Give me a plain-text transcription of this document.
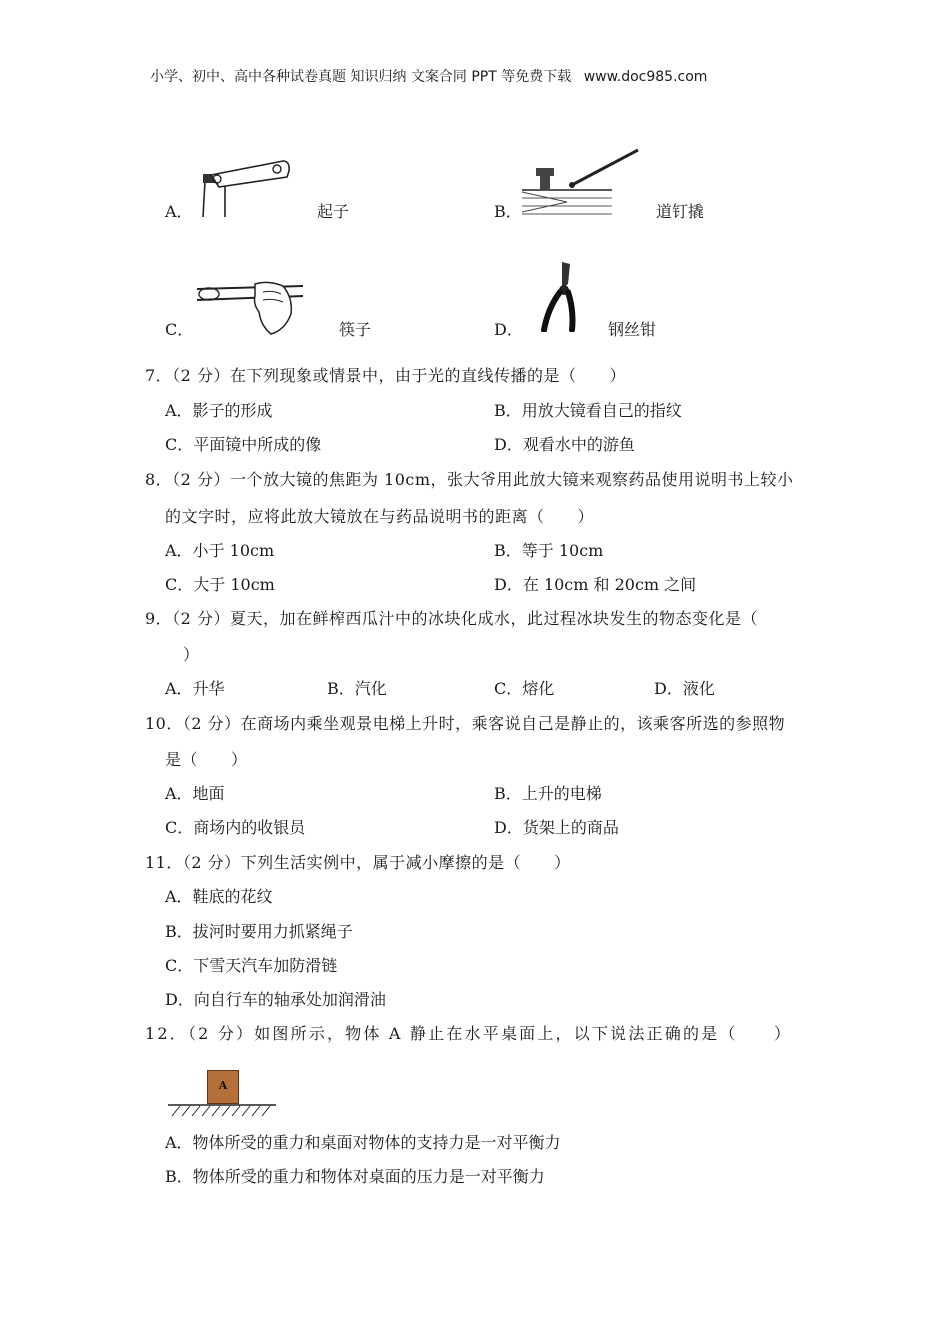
小学、初中、高中各种试卷真题 知识归纳 文案合同 PPT 等免费下载 www.doc985.com
A．	起子	B．	道钉撬
C．	筷子	D．	钢丝钳
7．（2 分）在下列现象或情景中，由于光的直线传播的是（　　）
A．影子的形成	B．用放大镜看自己的指纹
C．平面镜中所成的像	D．观看水中的游鱼
8．（2 分）一个放大镜的焦距为 10cm，张大爷用此放大镜来观察药品使用说明书上较小
的文字时，应将此放大镜放在与药品说明书的距离（　　）
A．小于 10cm	B．等于 10cm
C．大于 10cm	D．在 10cm 和 20cm 之间
9．（2 分）夏天，加在鲜榨西瓜汁中的冰块化成水，此过程冰块发生的物态变化是（
）
A．升华	B．汽化	C．熔化	D．液化
10．（2 分）在商场内乘坐观景电梯上升时，乘客说自己是静止的，该乘客所选的参照物
是（　　）
A．地面	B．上升的电梯
C．商场内的收银员	D．货架上的商品
11．（2 分）下列生活实例中，属于减小摩擦的是（　　）
A．鞋底的花纹
B．拔河时要用力抓紧绳子
C．下雪天汽车加防滑链
D．向自行车的轴承处加润滑油
12．（2 分）如图所示，物体 A 静止在水平桌面上，以下说法正确的是（　　）
A
A．物体所受的重力和桌面对物体的支持力是一对平衡力
B．物体所受的重力和物体对桌面的压力是一对平衡力
